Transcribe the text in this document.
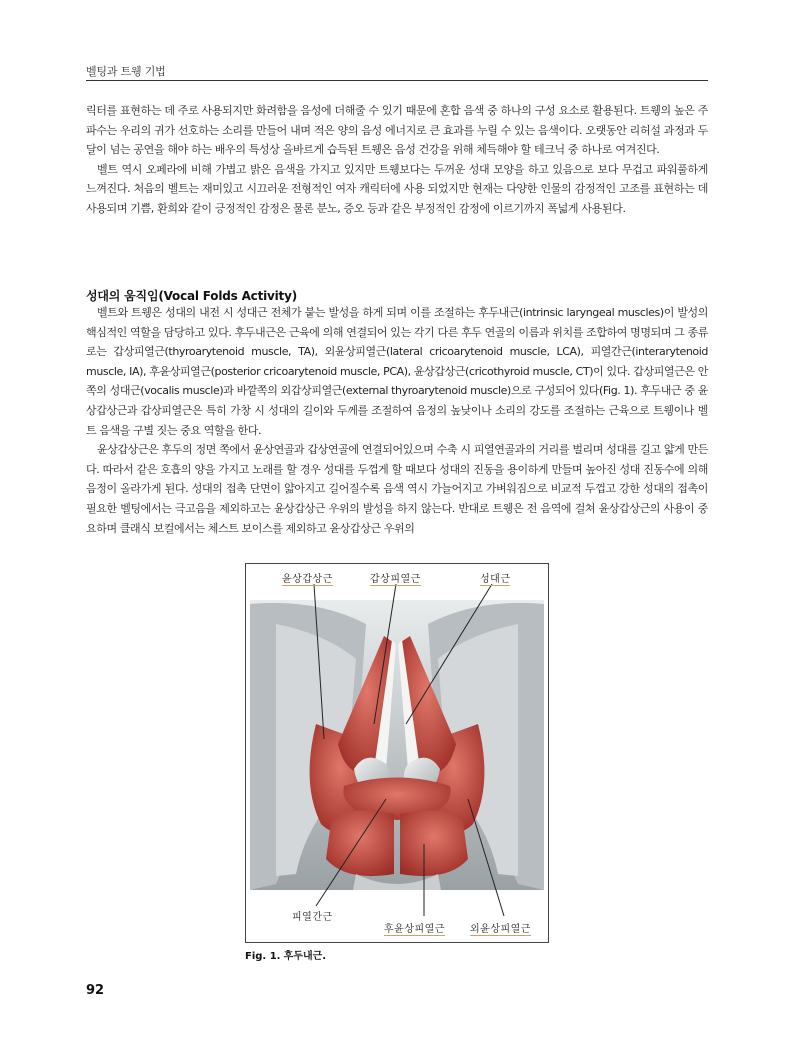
벨팅과 트웽 기법

릭터를 표현하는 데 주로 사용되지만 화려함을 음성에 더해줄 수 있기 때문에 혼합 음색 중 하나의 구성 요소로 활용된다. 트웽의 높은 주파수는 우리의 귀가 선호하는 소리를 만들어 내며 적은 양의 음성 에너지로 큰 효과를 누릴 수 있는 음색이다. 오랫동안 리허설 과정과 두 달이 넘는 공연을 해야 하는 배우의 특성상 올바르게 습득된 트웽은 음성 건강을 위해 체득해야 할 테크닉 중 하나로 여겨진다.

벨트 역시 오페라에 비해 가볍고 밝은 음색을 가지고 있지만 트웽보다는 두꺼운 성대 모양을 하고 있음으로 보다 무겁고 파워풀하게 느껴진다. 처음의 벨트는 재미있고 시끄러운 전형적인 여자 캐릭터에 사용 되었지만 현재는 다양한 인물의 감정적인 고조를 표현하는 데 사용되며 기쁨, 환희와 같이 긍정적인 감정은 물론 분노, 증오 등과 같은 부정적인 감정에 이르기까지 폭넓게 사용된다.

성대의 움직임(Vocal Folds Activity)

벨트와 트웽은 성대의 내전 시 성대근 전체가 붙는 발성을 하게 되며 이를 조절하는 후두내근(intrinsic laryngeal muscles)이 발성의 핵심적인 역할을 담당하고 있다. 후두내근은 근육에 의해 연결되어 있는 각기 다른 후두 연골의 이름과 위치를 조합하여 명명되며 그 종류로는 갑상피열근(thyroarytenoid muscle, TA), 외윤상피열근(lateral cricoarytenoid muscle, LCA), 피열간근(interarytenoid muscle, IA), 후윤상피열근(posterior cricoarytenoid muscle, PCA), 윤상갑상근(cricothyroid muscle, CT)이 있다. 갑상피열근은 안쪽의 성대근(vocalis muscle)과 바깥쪽의 외갑상피열근(external thyroarytenoid muscle)으로 구성되어 있다(Fig. 1). 후두내근 중 윤상갑상근과 갑상피열근은 특히 가창 시 성대의 길이와 두께를 조절하여 음정의 높낮이나 소리의 강도를 조절하는 근육으로 트웽이나 벨트 음색을 구별 짓는 중요 역할을 한다.

윤상갑상근은 후두의 정면 쪽에서 윤상연골과 갑상연골에 연결되어있으며 수축 시 피열연골과의 거리를 벌리며 성대를 길고 얇게 만든다. 따라서 같은 호흡의 양을 가지고 노래를 할 경우 성대를 두껍게 할 때보다 성대의 진동을 용이하게 만들며 높아진 성대 진동수에 의해 음정이 올라가게 된다. 성대의 접촉 단면이 얇아지고 길어질수록 음색 역시 가늘어지고 가벼워짐으로 비교적 두껍고 강한 성대의 접촉이 필요한 벨팅에서는 극고음을 제외하고는 윤상갑상근 우위의 발성을 하지 않는다. 반대로 트웽은 전 음역에 걸쳐 윤상갑상근의 사용이 중요하며 클래식 보컬에서는 체스트 보이스를 제외하고 윤상갑상근 우위의

윤상갑상근	갑상피열근	성대근
피열간근
후윤상피열근	외윤상피열근
Fig. 1. 후두내근.
92
